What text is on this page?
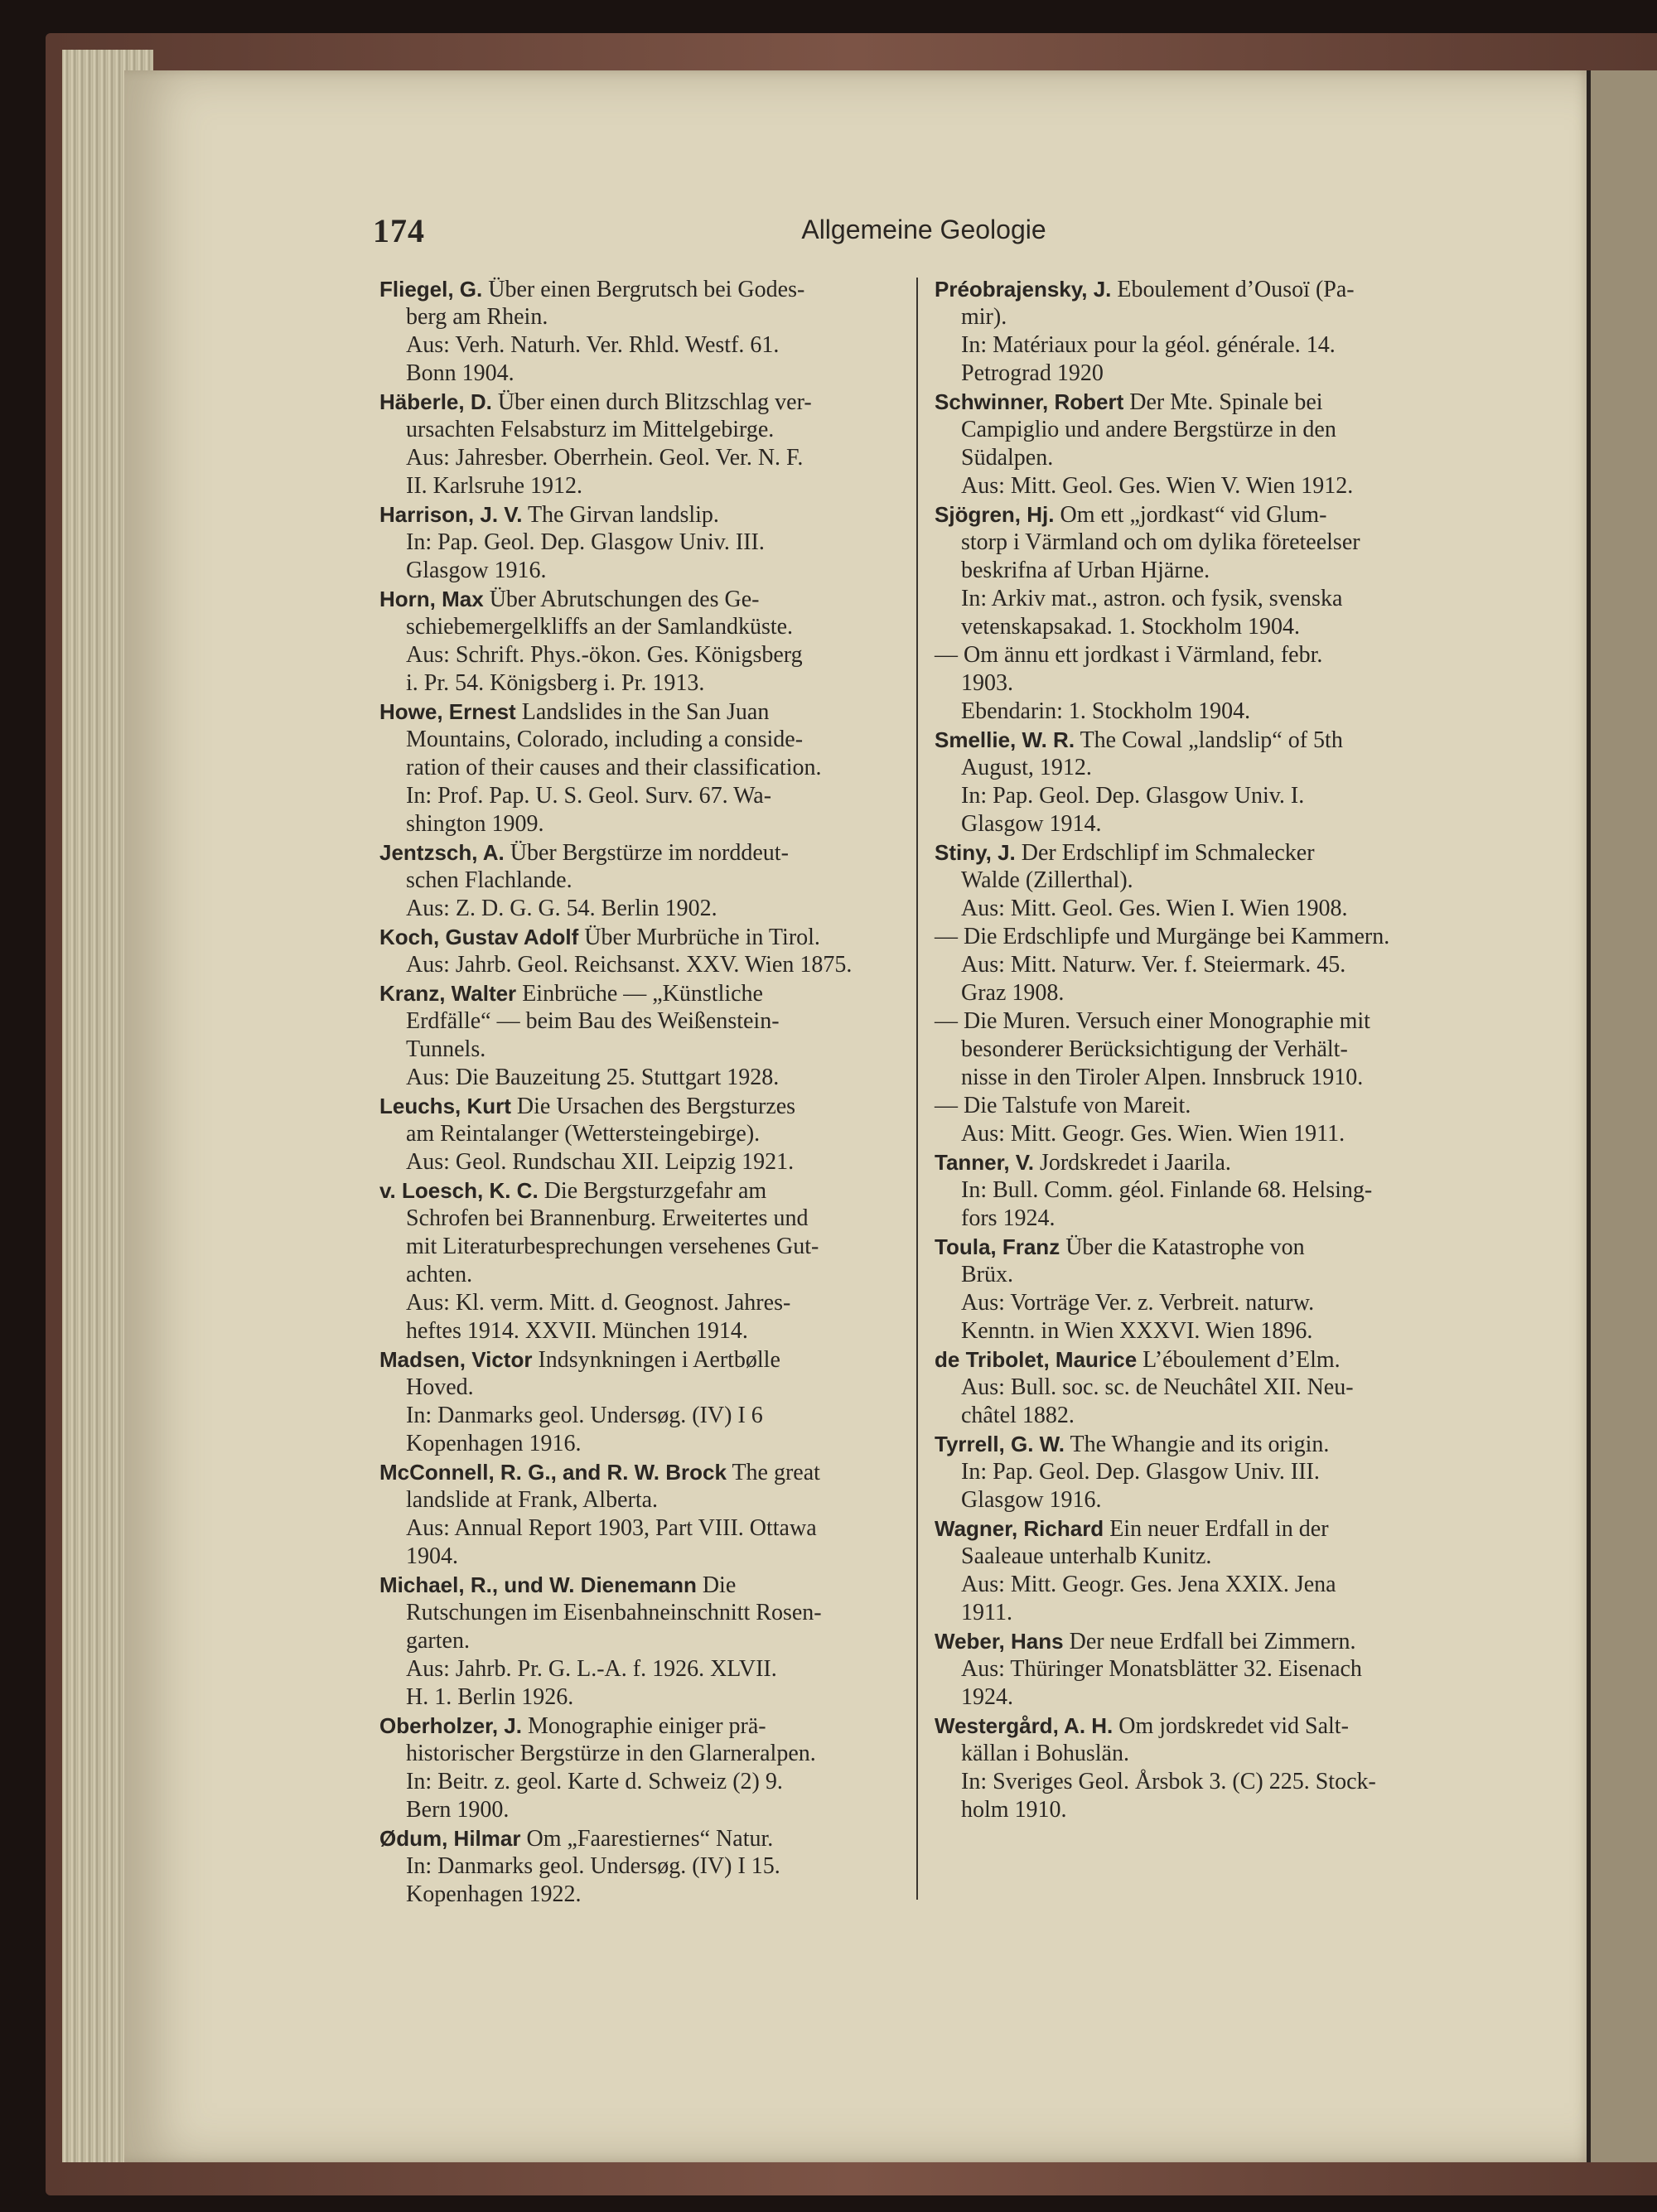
174	Allgemeine Geologie
Fliegel, G. Über einen Bergrutsch bei Godes-
berg am Rhein.
Aus: Verh. Naturh. Ver. Rhld. Westf. 61.
Bonn 1904.
Häberle, D. Über einen durch Blitzschlag ver-
ursachten Felsabsturz im Mittelgebirge.
Aus: Jahresber. Oberrhein. Geol. Ver. N. F.
II. Karlsruhe 1912.
Harrison, J. V. The Girvan landslip.
In: Pap. Geol. Dep. Glasgow Univ. III.
Glasgow 1916.
Horn, Max Über Abrutschungen des Ge-
schiebemergelkliffs an der Samlandküste.
Aus: Schrift. Phys.-ökon. Ges. Königsberg
i. Pr. 54. Königsberg i. Pr. 1913.
Howe, Ernest Landslides in the San Juan
Mountains, Colorado, including a conside-
ration of their causes and their classification.
In: Prof. Pap. U. S. Geol. Surv. 67. Wa-
shington 1909.
Jentzsch, A. Über Bergstürze im norddeut-
schen Flachlande.
Aus: Z. D. G. G. 54. Berlin 1902.
Koch, Gustav Adolf Über Murbrüche in Tirol.
Aus: Jahrb. Geol. Reichsanst. XXV. Wien 1875.
Kranz, Walter Einbrüche — „Künstliche
Erdfälle“ — beim Bau des Weißenstein-
Tunnels.
Aus: Die Bauzeitung 25. Stuttgart 1928.
Leuchs, Kurt Die Ursachen des Bergsturzes
am Reintalanger (Wettersteingebirge).
Aus: Geol. Rundschau XII. Leipzig 1921.
v. Loesch, K. C. Die Bergsturzgefahr am
Schrofen bei Brannenburg. Erweitertes und
mit Literaturbesprechungen versehenes Gut-
achten.
Aus: Kl. verm. Mitt. d. Geognost. Jahres-
heftes 1914. XXVII. München 1914.
Madsen, Victor Indsynkningen i Aertbølle
Hoved.
In: Danmarks geol. Undersøg. (IV) I 6
Kopenhagen 1916.
McConnell, R. G., and R. W. Brock The great
landslide at Frank, Alberta.
Aus: Annual Report 1903, Part VIII. Ottawa
1904.
Michael, R., und W. Dienemann Die
Rutschungen im Eisenbahneinschnitt Rosen-
garten.
Aus: Jahrb. Pr. G. L.-A. f. 1926. XLVII.
H. 1. Berlin 1926.
Oberholzer, J. Monographie einiger prä-
historischer Bergstürze in den Glarneralpen.
In: Beitr. z. geol. Karte d. Schweiz (2) 9.
Bern 1900.
Ødum, Hilmar Om „Faarestiernes“ Natur.
In: Danmarks geol. Undersøg. (IV) I 15.
Kopenhagen 1922.
Préobrajensky, J. Eboulement d’Ousoï (Pa-
mir).
In: Matériaux pour la géol. générale. 14.
Petrograd 1920
Schwinner, Robert Der Mte. Spinale bei
Campiglio und andere Bergstürze in den
Südalpen.
Aus: Mitt. Geol. Ges. Wien V. Wien 1912.
Sjögren, Hj. Om ett „jordkast“ vid Glum-
storp i Värmland och om dylika företeelser
beskrifna af Urban Hjärne.
In: Arkiv mat., astron. och fysik, svenska
vetenskapsakad. 1. Stockholm 1904.
— Om ännu ett jordkast i Värmland, febr.
1903.
Ebendarin: 1. Stockholm 1904.
Smellie, W. R. The Cowal „landslip“ of 5th
August, 1912.
In: Pap. Geol. Dep. Glasgow Univ. I.
Glasgow 1914.
Stiny, J. Der Erdschlipf im Schmalecker
Walde (Zillerthal).
Aus: Mitt. Geol. Ges. Wien I. Wien 1908.
— Die Erdschlipfe und Murgänge bei Kammern.
Aus: Mitt. Naturw. Ver. f. Steiermark. 45.
Graz 1908.
— Die Muren. Versuch einer Monographie mit
besonderer Berücksichtigung der Verhält-
nisse in den Tiroler Alpen. Innsbruck 1910.
— Die Talstufe von Mareit.
Aus: Mitt. Geogr. Ges. Wien. Wien 1911.
Tanner, V. Jordskredet i Jaarila.
In: Bull. Comm. géol. Finlande 68. Helsing-
fors 1924.
Toula, Franz Über die Katastrophe von
Brüx.
Aus: Vorträge Ver. z. Verbreit. naturw.
Kenntn. in Wien XXXVI. Wien 1896.
de Tribolet, Maurice L’éboulement d’Elm.
Aus: Bull. soc. sc. de Neuchâtel XII. Neu-
châtel 1882.
Tyrrell, G. W. The Whangie and its origin.
In: Pap. Geol. Dep. Glasgow Univ. III.
Glasgow 1916.
Wagner, Richard Ein neuer Erdfall in der
Saaleaue unterhalb Kunitz.
Aus: Mitt. Geogr. Ges. Jena XXIX. Jena
1911.
Weber, Hans Der neue Erdfall bei Zimmern.
Aus: Thüringer Monatsblätter 32. Eisenach
1924.
Westergård, A. H. Om jordskredet vid Salt-
källan i Bohuslän.
In: Sveriges Geol. Årsbok 3. (C) 225. Stock-
holm 1910.
